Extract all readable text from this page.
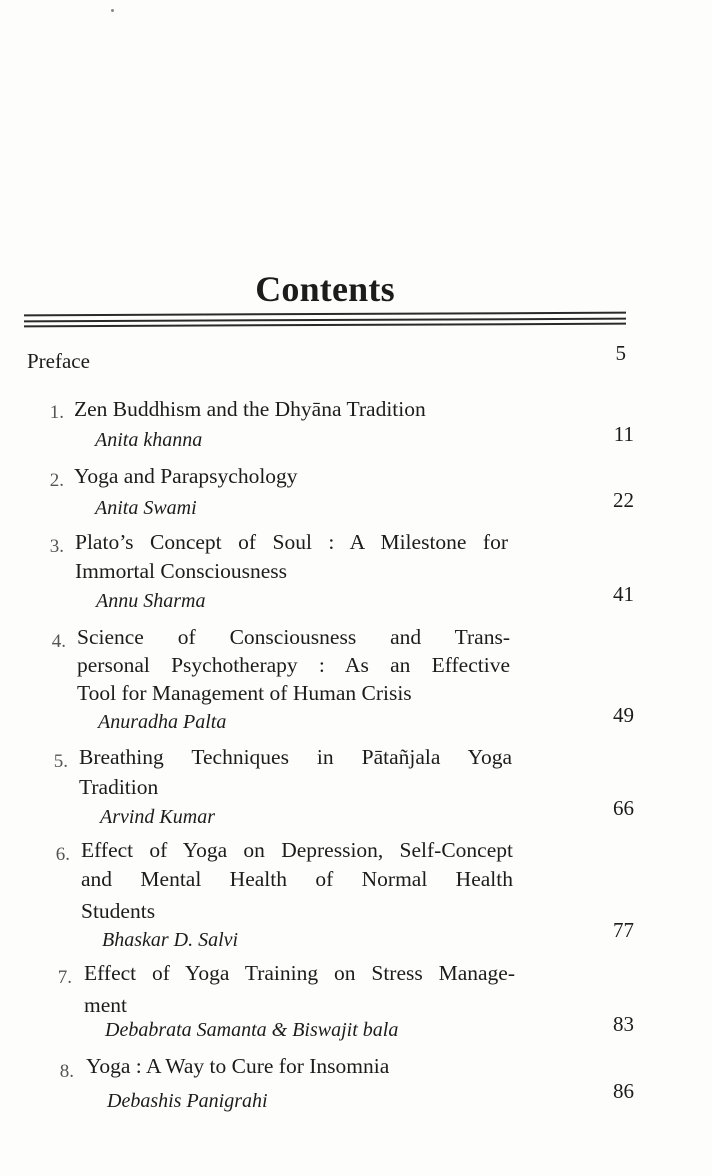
Contents
Preface	5
1. Zen Buddhism and the Dhyāna Tradition
Anita khanna	11
2. Yoga and Parapsychology
Anita Swami	22
3. Plato’s Concept of Soul : A Milestone for
Immortal Consciousness
Annu Sharma	41
4. Science of Consciousness and Trans-
personal Psychotherapy : As an Effective
Tool for Management of Human Crisis
Anuradha Palta	49
5. Breathing Techniques in Pātañjala Yoga
Tradition
Arvind Kumar	66
6. Effect of Yoga on Depression, Self-Concept
and Mental Health of Normal Health
Students
Bhaskar D. Salvi	77
7. Effect of Yoga Training on Stress Manage-
ment
Debabrata Samanta & Biswajit bala	83
8. Yoga : A Way to Cure for Insomnia
Debashis Panigrahi	86
